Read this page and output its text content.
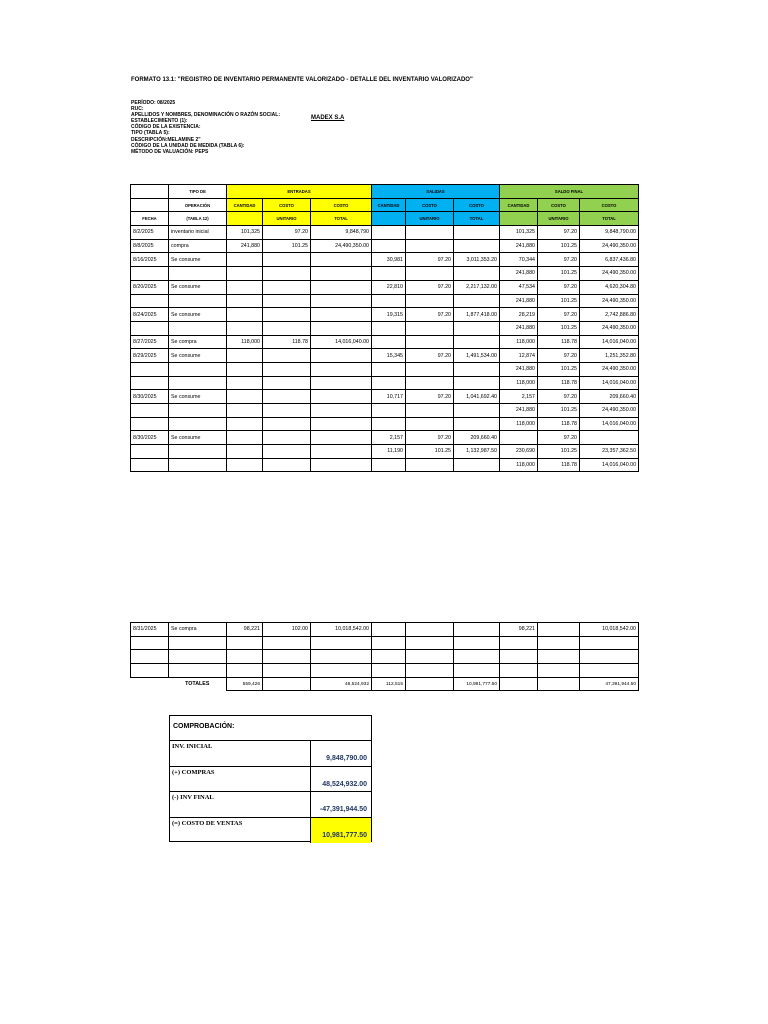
FORMATO 13.1: "REGISTRO DE INVENTARIO PERMANENTE VALORIZADO - DETALLE DEL INVENTARIO VALORIZADO"
PERÍODO: 08/2025
RUC:
APELLIDOS Y NOMBRES, DENOMINACIÓN O RAZÓN SOCIAL:
ESTABLECIMIENTO (1):
CÓDIGO DE LA EXISTENCIA:
TIPO (TABLA 5):
DESCRIPCIÓN:MELAMINE 2"
CÓDIGO DE LA UNIDAD DE MEDIDA (TABLA 6):
MÉTODO DE VALUACIÓN: PEPS
MADEX S.A
	TIPO DE	ENTRADAS			SALIDAS			SALDO FINAL		
	OPERACIÓN	CANTIDAD	COSTO	COSTO	CANTIDAD	COSTO	COSTO	CANTIDAD	COSTO	COSTO
FECHA	(TABLA 12)		UNITARIO	TOTAL		UNITARIO	TOTAL		UNITARIO	TOTAL
8/2/2025	inventario inicial	101,325	97.20	9,848,790				101,325	97.20	9,848,790.00
8/8/2025	compra	241,880	101.25	24,490,350.00				241,880	101.25	24,490,350.00
8/16/2025	Se consume				30,981	97.20	3,011,353.20	70,344	97.20	6,837,436.80
								241,880	101.25	24,490,350.00
8/20/2025	Se consume				22,810	97.20	2,217,132.00	47,534	97.20	4,620,304.80
								241,880	101.25	24,490,350.00
8/24/2025	Se consume				19,315	97.20	1,877,418.00	28,219	97.20	2,742,886.80
								241,880	101.25	24,490,350.00
8/27/2025	Se compra	118,000	118.78	14,016,040.00				118,000	118.78	14,016,040.00
8/29/2025	Se consume				15,345	97.20	1,491,534.00	12,874	97.20	1,251,352.80
								241,880	101.25	24,490,350.00
								118,000	118.78	14,016,040.00
8/30/2025	Se consume				10,717	97.20	1,041,692.40	2,157	97.20	209,660.40
								241,880	101.25	24,490,350.00
								118,000	118.78	14,016,040.00
8/30/2025	Se consume				2,157	97.20	209,660.40		97.20	
					11,190	101.25	1,132,987.50	230,690	101.25	23,357,362.50
								118,000	118.78	14,016,040.00
8/31/2025	Se compra	98,221	102.00	10,018,542.00				98,221		10,018,542.00

	TOTALES	559,426		48,524,932	112,515		10,981,777.50			47,391,944.50
COMPROBACIÓN:
INV. INICIAL
9,848,790.00
(+) COMPRAS
48,524,932.00
(-) INV FINAL
-47,391,944.50
(=) COSTO DE VENTAS
10,981,777.50
